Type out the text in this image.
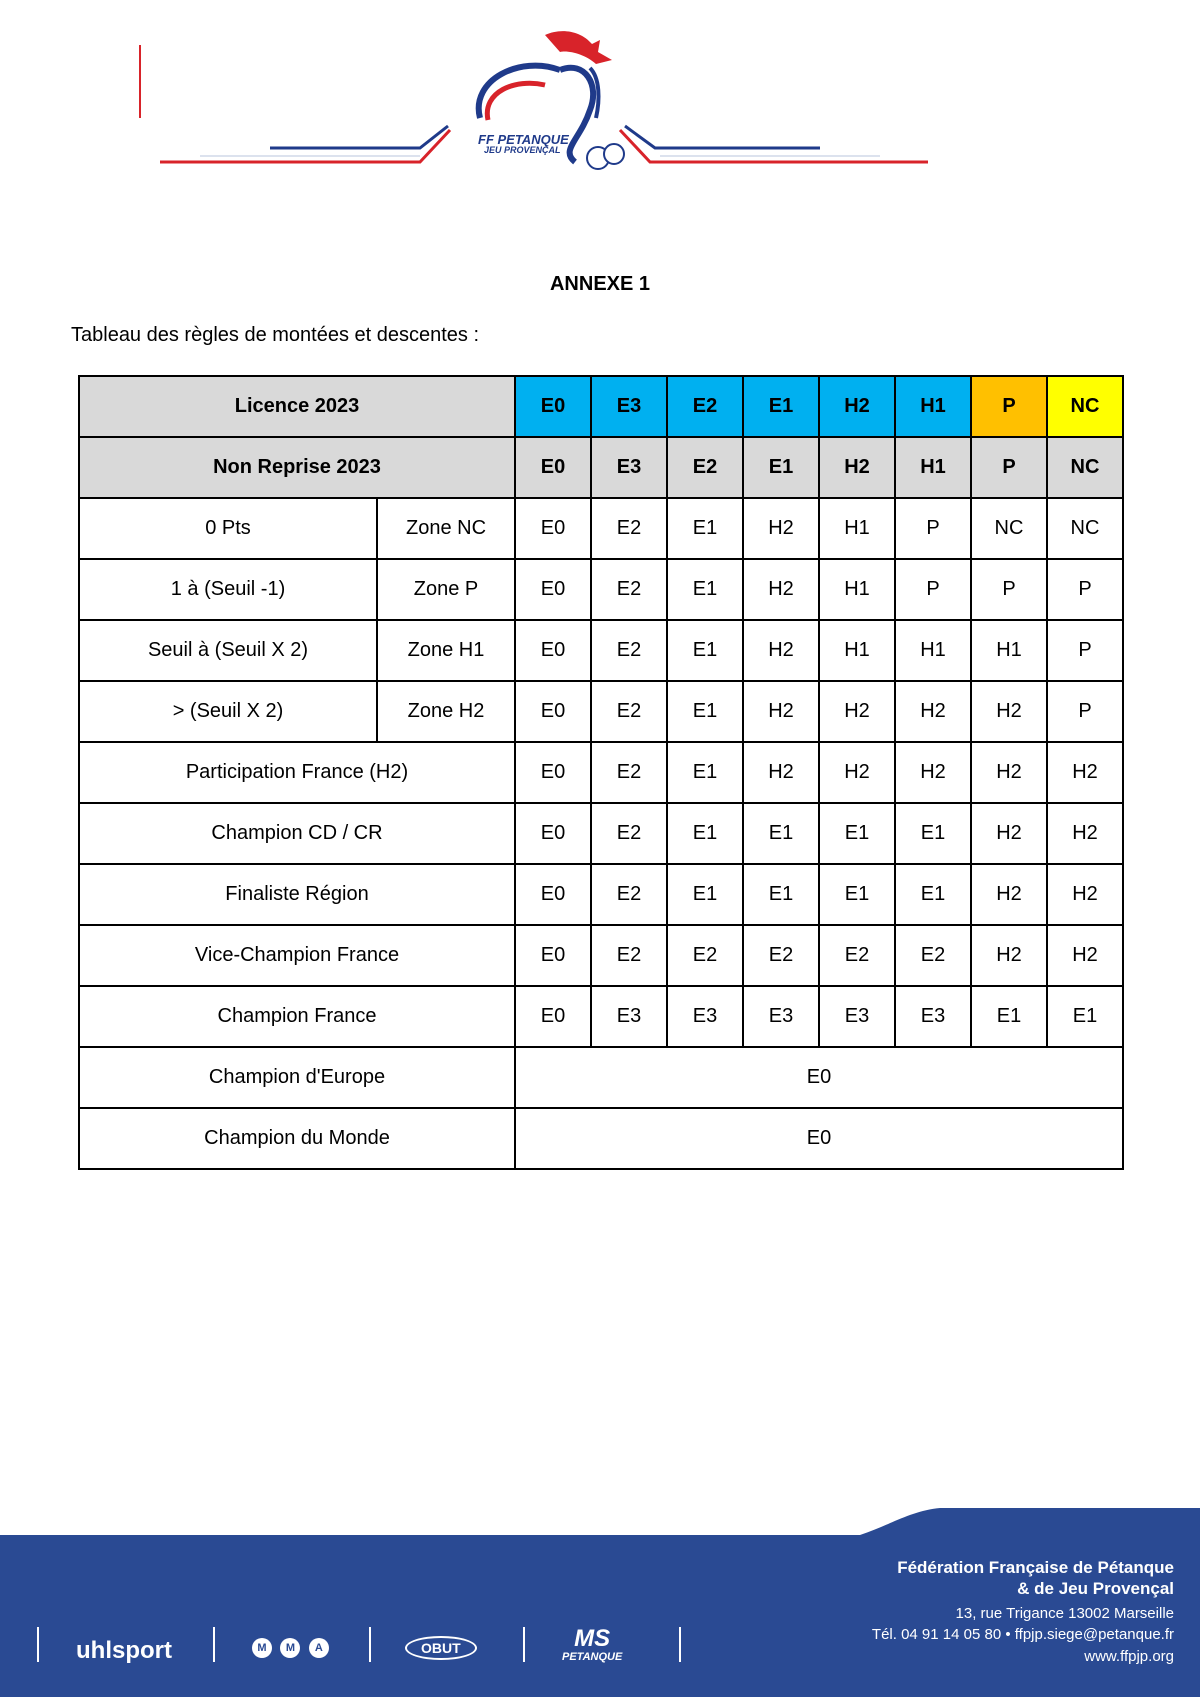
FF PETANQUE
JEU PROVENÇAL
ANNEXE 1
Tableau des règles de montées et descentes :
Licence 2023		E0	E3	E2	E1	H2	H1	P	NC
Non Reprise 2023		E0	E3	E2	E1	H2	H1	P	NC
0 Pts	Zone NC	E0	E2	E1	H2	H1	P	NC	NC
1 à (Seuil -1)	Zone P	E0	E2	E1	H2	H1	P	P	P
Seuil à (Seuil X 2)	Zone H1	E0	E2	E1	H2	H1	H1	H1	P
> (Seuil X 2)	Zone H2	E0	E2	E1	H2	H2	H2	H2	P
Participation France (H2)		E0	E2	E1	H2	H2	H2	H2	H2
Champion CD / CR		E0	E2	E1	E1	E1	E1	H2	H2
Finaliste Région		E0	E2	E1	E1	E1	E1	H2	H2
Vice-Champion France		E0	E2	E2	E2	E2	E2	H2	H2
Champion France		E0	E3	E3	E3	E3	E3	E1	E1
Champion d'Europe		E0							
Champion du Monde		E0							
uhlsport	M M A	OBUT	MS
PETANQUE
Fédération Française de Pétanque
& de Jeu Provençal
13, rue Trigance 13002 Marseille
Tél. 04 91 14 05 80 • ffpjp.siege@petanque.fr
www.ffpjp.org
